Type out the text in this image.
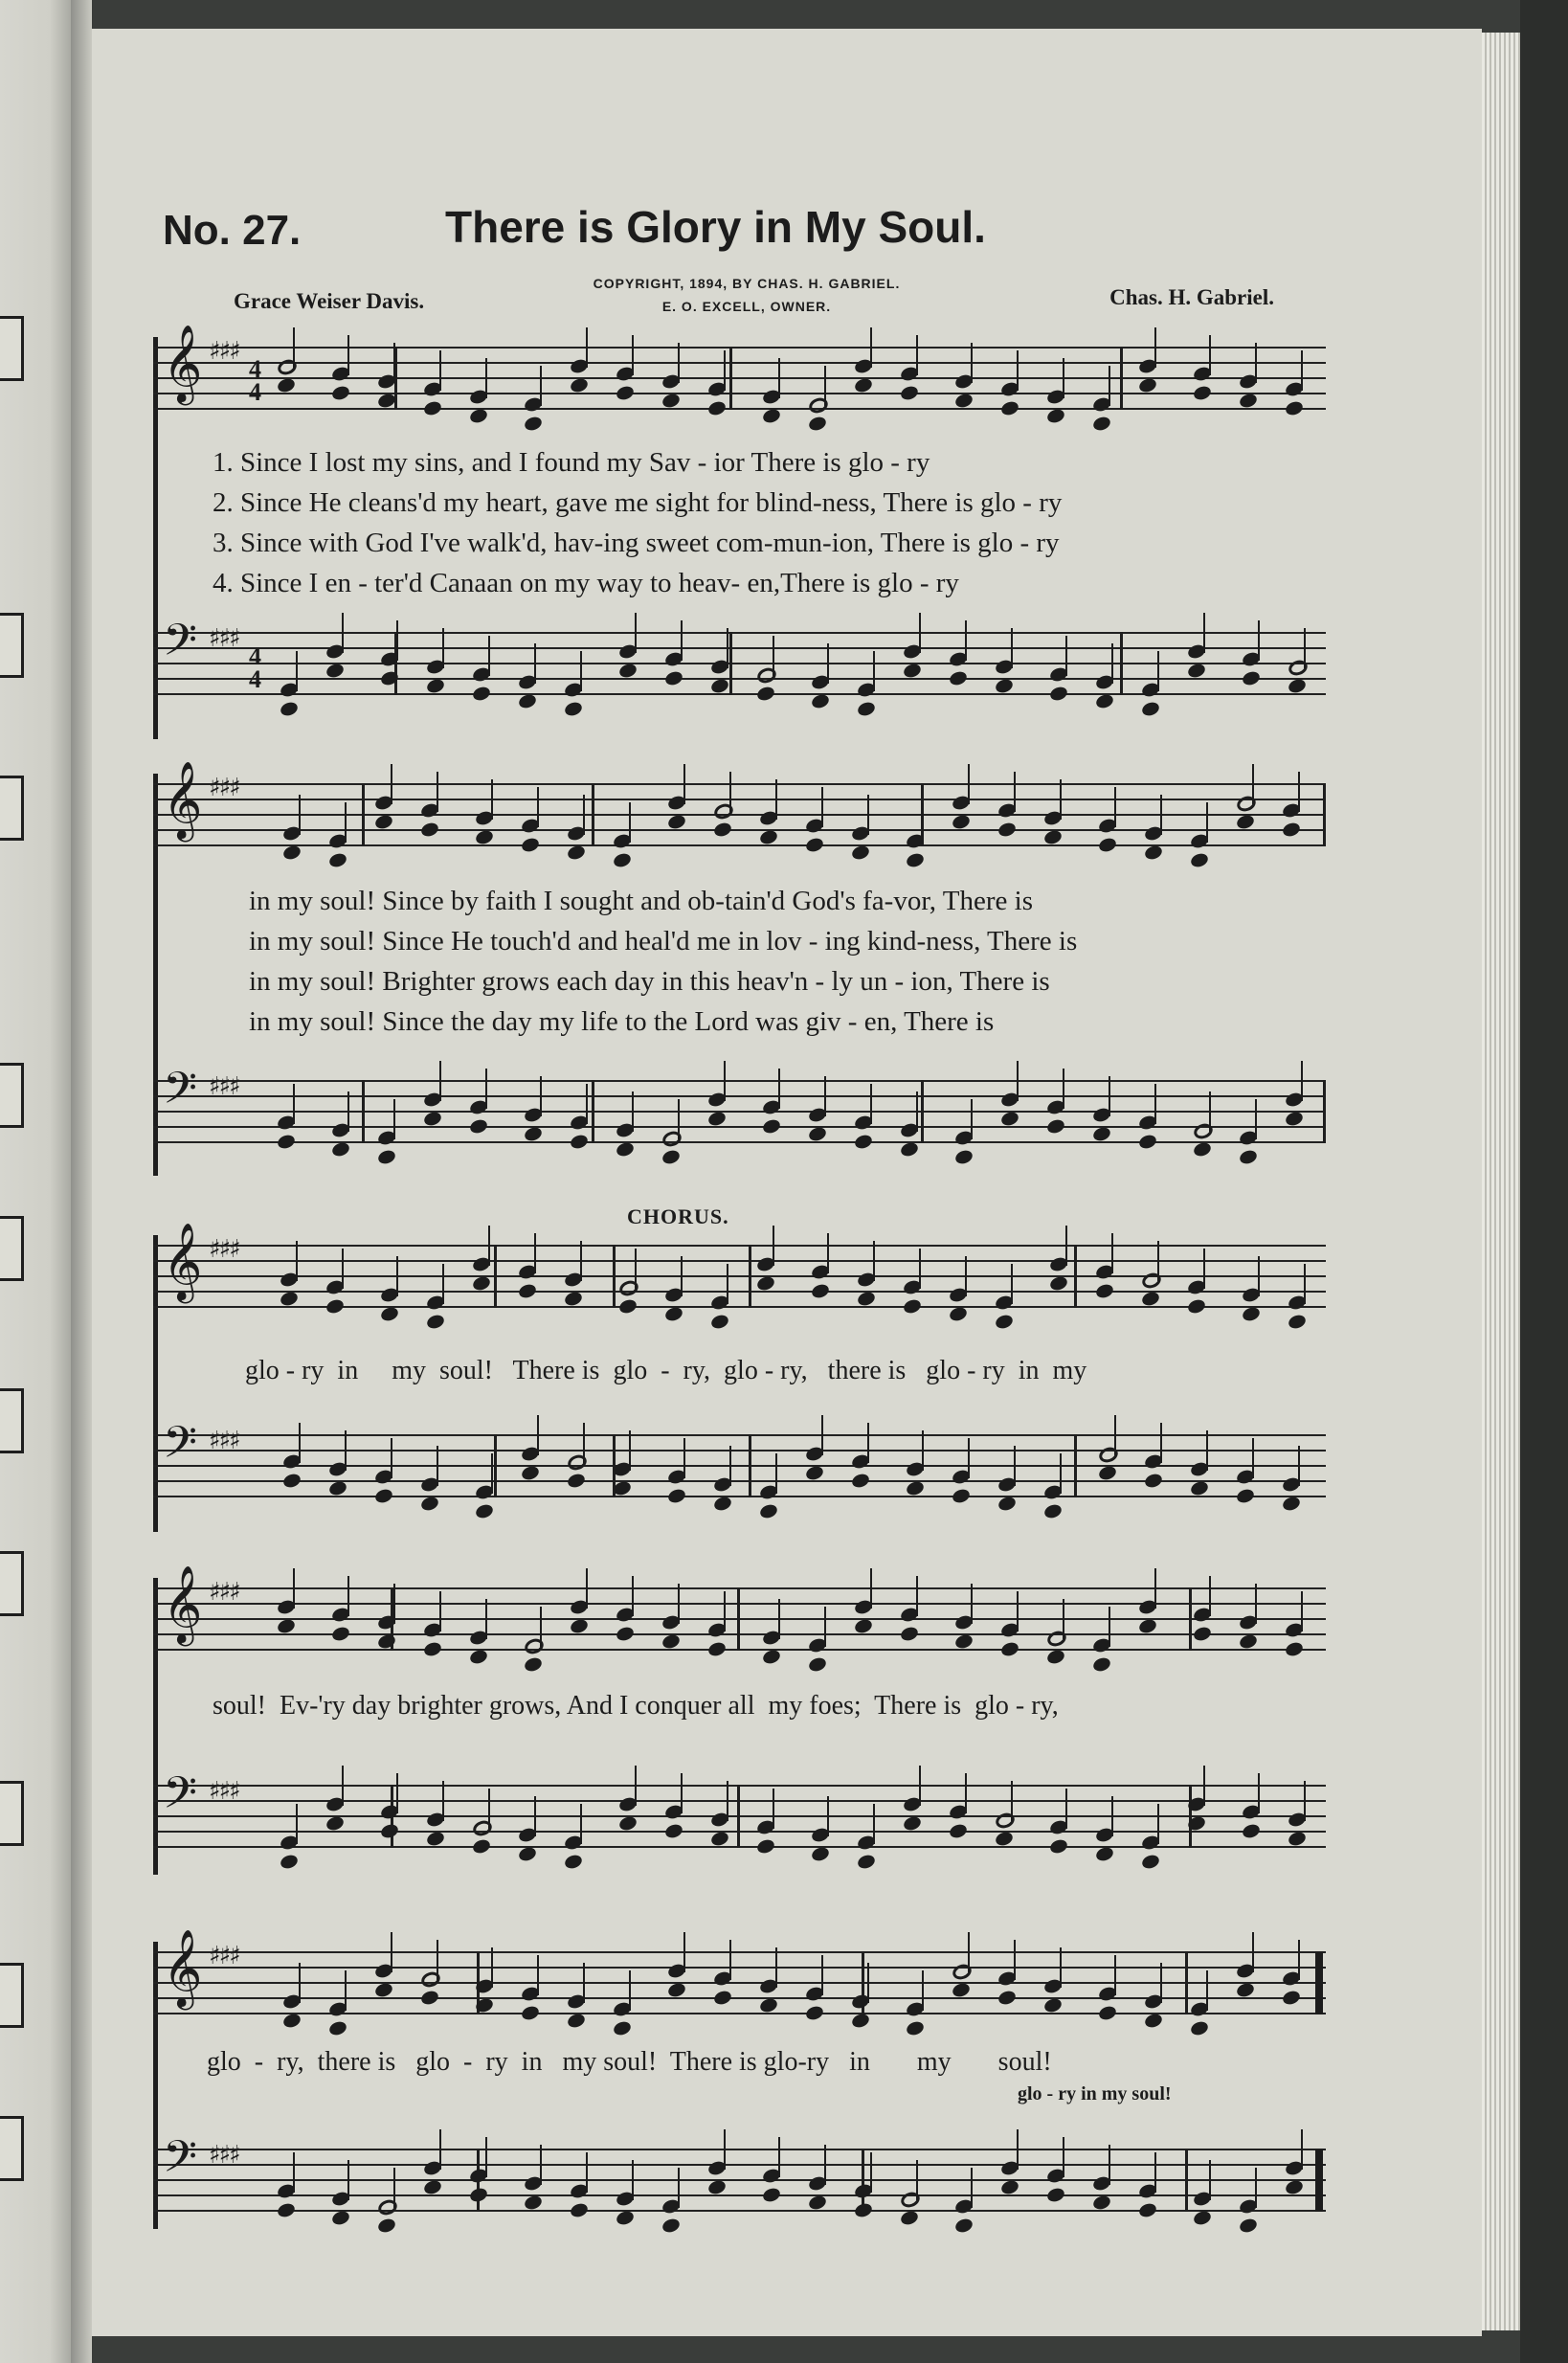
No. 27.	There is Glory in My Soul.
Grace Weiser Davis.	Chas. H. Gabriel.
COPYRIGHT, 1894, BY CHAS. H. GABRIEL.
E. O. EXCELL, OWNER.
𝄞 ♯♯♯
4
4
1. Since I lost my sins, and I found my Sav - ior There is glo - ry
2. Since He cleans'd my heart, gave me sight for blind-ness, There is glo - ry
3. Since with God I've walk'd, hav-ing sweet com-mun-ion, There is glo - ry
4. Since I en - ter'd Canaan on my way to heav- en,There is glo - ry
𝄢 ♯♯♯
4
4
𝄞 ♯♯♯
in my soul! Since by faith I sought and ob-tain'd God's fa-vor, There is
in my soul! Since He touch'd and heal'd me in lov - ing kind-ness, There is
in my soul! Brighter grows each day in this heav'n - ly un - ion, There is
in my soul! Since the day my life to the Lord was giv - en, There is
𝄢 ♯♯♯
CHORUS.
𝄞 ♯♯♯
glo - ry  in     my  soul!   There is  glo  -  ry,  glo - ry,   there is   glo - ry  in  my
𝄢 ♯♯♯
𝄞 ♯♯♯
soul!  Ev-'ry day brighter grows, And I conquer all  my foes;  There is  glo - ry,
𝄢 ♯♯♯
𝄞 ♯♯♯
glo  -  ry,  there is   glo  -  ry  in   my soul!  There is glo-ry   in       my       soul!
𝄢 ♯♯♯
glo - ry in my soul!
